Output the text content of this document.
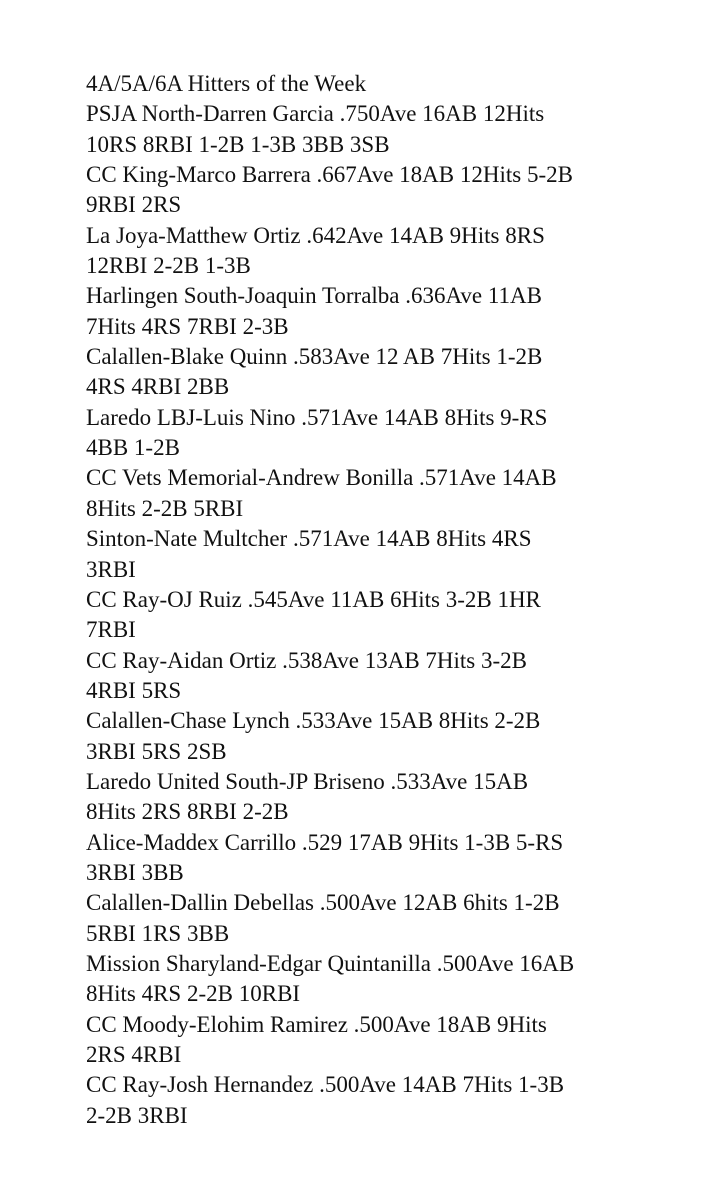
4A/5A/6A Hitters of the Week
PSJA North-Darren Garcia .750Ave 16AB 12Hits
10RS 8RBI 1-2B 1-3B 3BB 3SB
CC King-Marco Barrera .667Ave 18AB 12Hits 5-2B
9RBI 2RS
La Joya-Matthew Ortiz .642Ave 14AB 9Hits 8RS
12RBI 2-2B 1-3B
Harlingen South-Joaquin Torralba .636Ave 11AB
7Hits 4RS 7RBI 2-3B
Calallen-Blake Quinn .583Ave 12 AB 7Hits 1-2B
4RS 4RBI 2BB
Laredo LBJ-Luis Nino .571Ave 14AB 8Hits 9-RS
4BB 1-2B
CC Vets Memorial-Andrew Bonilla .571Ave 14AB
8Hits 2-2B 5RBI
Sinton-Nate Multcher .571Ave 14AB 8Hits 4RS
3RBI
CC Ray-OJ Ruiz .545Ave 11AB 6Hits 3-2B 1HR
7RBI
CC Ray-Aidan Ortiz .538Ave 13AB 7Hits 3-2B
4RBI 5RS
Calallen-Chase Lynch .533Ave 15AB 8Hits 2-2B
3RBI 5RS 2SB
Laredo United South-JP Briseno .533Ave 15AB
8Hits 2RS 8RBI 2-2B
Alice-Maddex Carrillo .529 17AB 9Hits 1-3B 5-RS
3RBI 3BB
Calallen-Dallin Debellas .500Ave 12AB 6hits 1-2B
5RBI 1RS 3BB
Mission Sharyland-Edgar Quintanilla .500Ave 16AB
8Hits 4RS 2-2B 10RBI
CC Moody-Elohim Ramirez .500Ave 18AB 9Hits
2RS 4RBI
CC Ray-Josh Hernandez .500Ave 14AB 7Hits 1-3B
2-2B 3RBI
